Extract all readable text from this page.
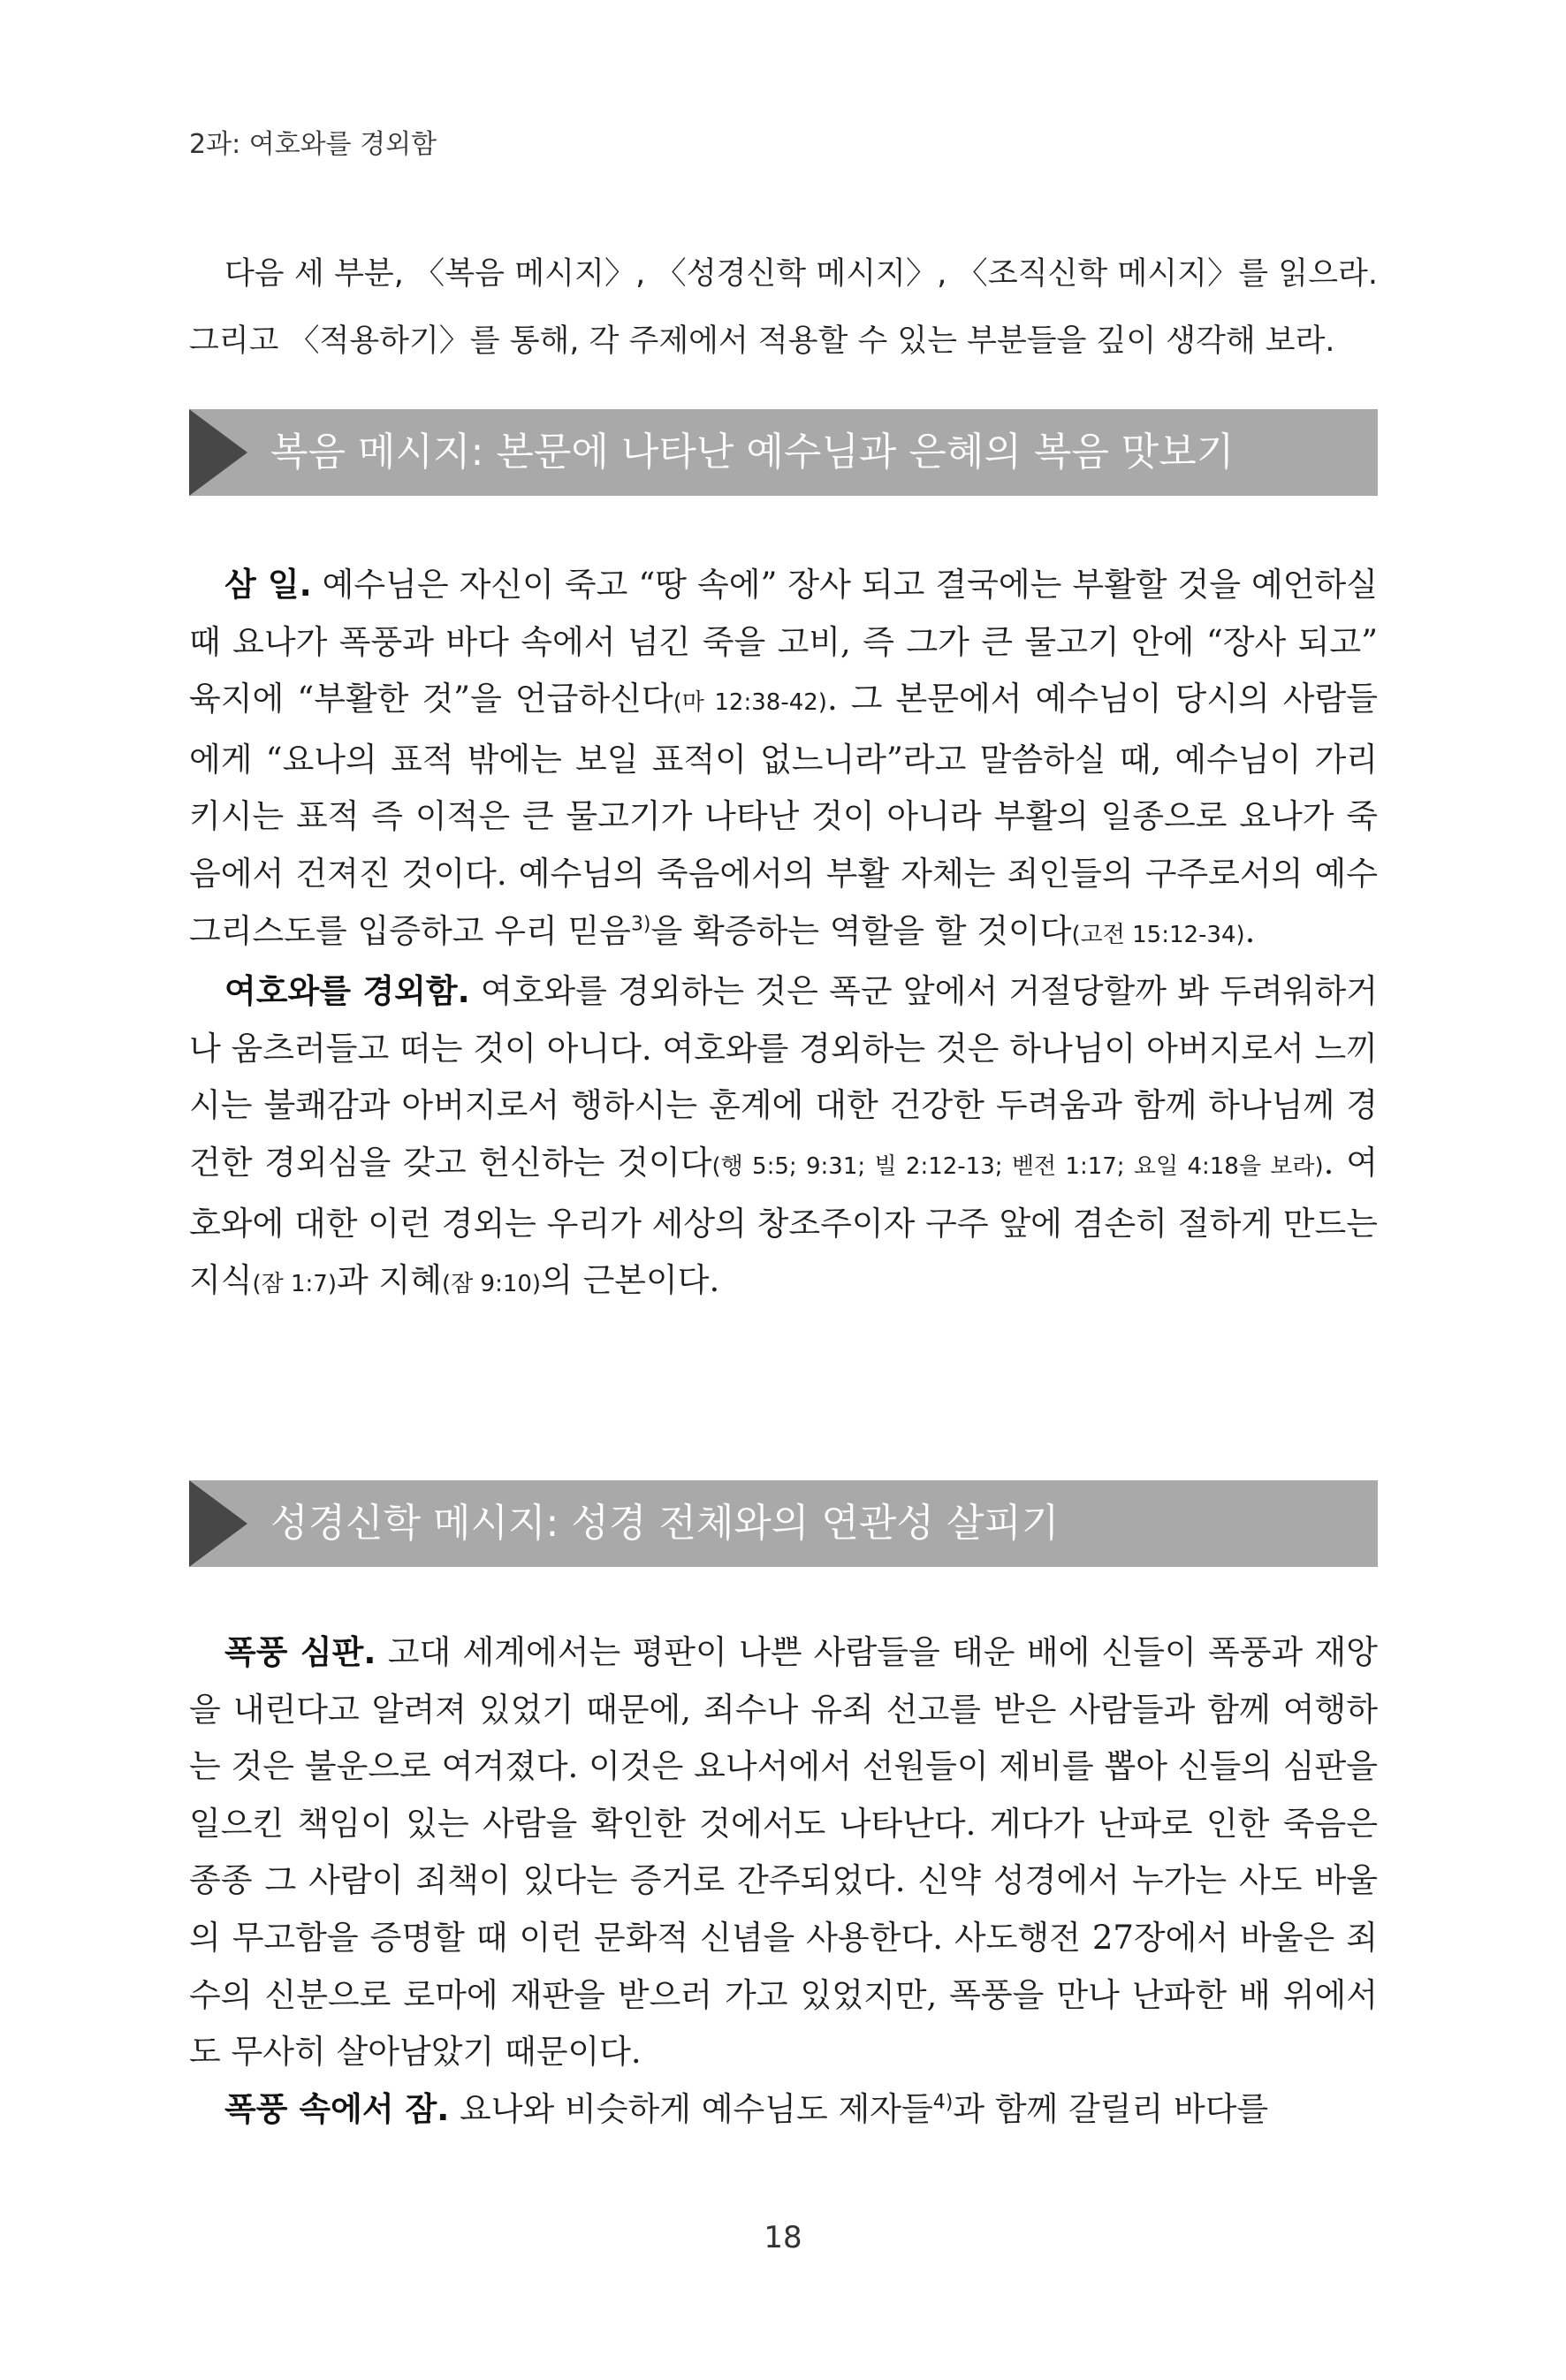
2과: 여호와를 경외함
다음 세 부분, 〈복음 메시지〉, 〈성경신학 메시지〉, 〈조직신학 메시지〉를 읽으라. 그리고 〈적용하기〉를 통해, 각 주제에서 적용할 수 있는 부분들을 깊이 생각해 보라.
복음 메시지: 본문에 나타난 예수님과 은혜의 복음 맛보기

삼 일. 예수님은 자신이 죽고 “땅 속에” 장사 되고 결국에는 부활할 것을 예언하실 때 요나가 폭풍과 바다 속에서 넘긴 죽을 고비, 즉 그가 큰 물고기 안에 “장사 되고” 육지에 “부활한 것”을 언급하신다(마 12:38-42). 그 본문에서 예수님이 당시의 사람들에게 “요나의 표적 밖에는 보일 표적이 없느니라”라고 말씀하실 때, 예수님이 가리키시는 표적 즉 이적은 큰 물고기가 나타난 것이 아니라 부활의 일종으로 요나가 죽음에서 건져진 것이다. 예수님의 죽음에서의 부활 자체는 죄인들의 구주로서의 예수 그리스도를 입증하고 우리 믿음$^{3)}$을 확증하는 역할을 할 것이다(고전 15:12-34).

여호와를 경외함. 여호와를 경외하는 것은 폭군 앞에서 거절당할까 봐 두려워하거나 움츠러들고 떠는 것이 아니다. 여호와를 경외하는 것은 하나님이 아버지로서 느끼시는 불쾌감과 아버지로서 행하시는 훈계에 대한 건강한 두려움과 함께 하나님께 경건한 경외심을 갖고 헌신하는 것이다(행 5:5; 9:31; 빌 2:12-13; 벧전 1:17; 요일 4:18을 보라). 여호와에 대한 이런 경외는 우리가 세상의 창조주이자 구주 앞에 겸손히 절하게 만드는 지식(잠 1:7)과 지혜(잠 9:10)의 근본이다.

성경신학 메시지: 성경 전체와의 연관성 살피기

폭풍 심판. 고대 세계에서는 평판이 나쁜 사람들을 태운 배에 신들이 폭풍과 재앙을 내린다고 알려져 있었기 때문에, 죄수나 유죄 선고를 받은 사람들과 함께 여행하는 것은 불운으로 여겨졌다. 이것은 요나서에서 선원들이 제비를 뽑아 신들의 심판을 일으킨 책임이 있는 사람을 확인한 것에서도 나타난다. 게다가 난파로 인한 죽음은 종종 그 사람이 죄책이 있다는 증거로 간주되었다. 신약 성경에서 누가는 사도 바울의 무고함을 증명할 때 이런 문화적 신념을 사용한다. 사도행전 27장에서 바울은 죄수의 신분으로 로마에 재판을 받으러 가고 있었지만, 폭풍을 만나 난파한 배 위에서도 무사히 살아남았기 때문이다.

폭풍 속에서 잠. 요나와 비슷하게 예수님도 제자들$^{4)}$과 함께 갈릴리 바다를

18
